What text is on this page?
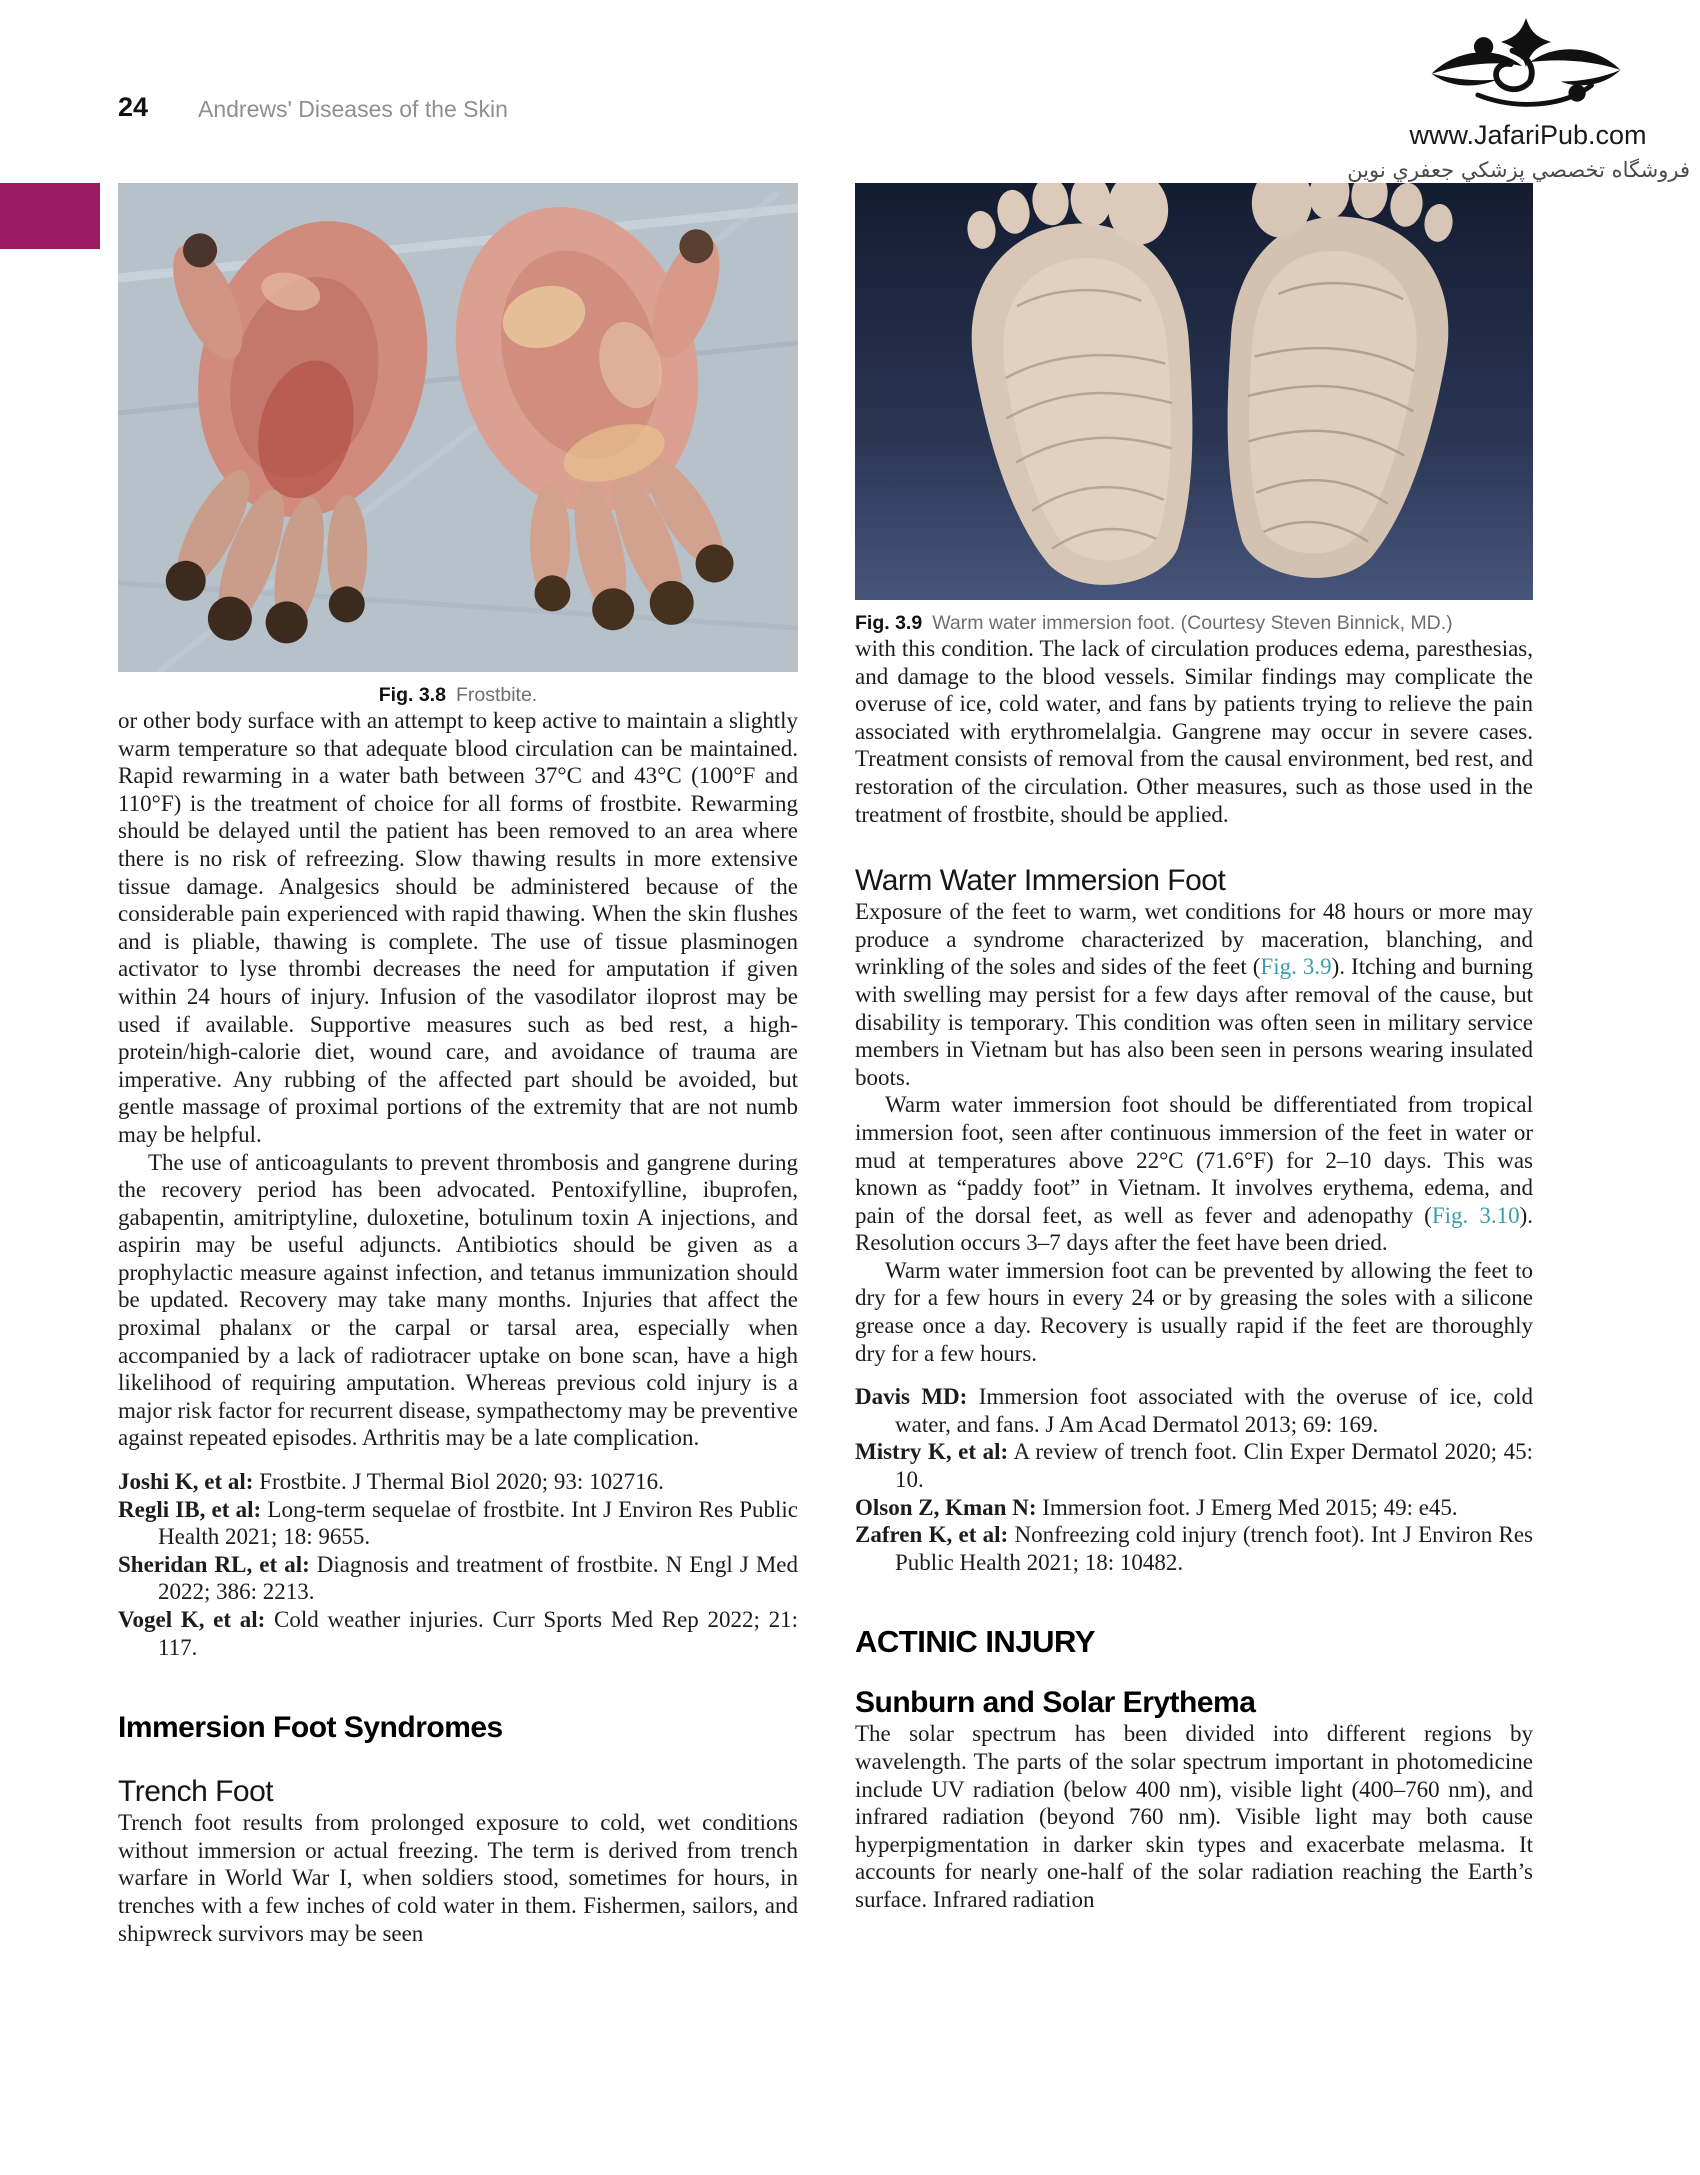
24 Andrews' Diseases of the Skin
www.JafariPub.com
فروشگاه تخصصي پزشكي جعفري نوين
Fig. 3.8 Frostbite.

or other body surface with an attempt to keep active to maintain a slightly warm temperature so that adequate blood circulation can be maintained. Rapid rewarming in a water bath between 37°C and 43°C (100°F and 110°F) is the treatment of choice for all forms of frostbite. Rewarming should be delayed until the patient has been removed to an area where there is no risk of refreezing. Slow thawing results in more extensive tissue damage. Analgesics should be administered because of the considerable pain experienced with rapid thawing. When the skin flushes and is pliable, thawing is complete. The use of tissue plasminogen activator to lyse thrombi decreases the need for amputation if given within 24 hours of injury. Infusion of the vasodilator iloprost may be used if available. Supportive measures such as bed rest, a high-protein/high-calorie diet, wound care, and avoidance of trauma are imperative. Any rubbing of the affected part should be avoided, but gentle massage of proximal portions of the extremity that are not numb may be helpful.

The use of anticoagulants to prevent thrombosis and gangrene during the recovery period has been advocated. Pentoxifylline, ibuprofen, gabapentin, amitriptyline, duloxetine, botulinum toxin A injections, and aspirin may be useful adjuncts. Antibiotics should be given as a prophylactic measure against infection, and tetanus immunization should be updated. Recovery may take many months. Injuries that affect the proximal phalanx or the carpal or tarsal area, especially when accompanied by a lack of radiotracer uptake on bone scan, have a high likelihood of requiring amputation. Whereas previous cold injury is a major risk factor for recurrent disease, sympathectomy may be preventive against repeated episodes. Arthritis may be a late complication.

Joshi K, et al: Frostbite. J Thermal Biol 2020; 93: 102716.

Regli IB, et al: Long-term sequelae of frostbite. Int J Environ Res Public Health 2021; 18: 9655.

Sheridan RL, et al: Diagnosis and treatment of frostbite. N Engl J Med 2022; 386: 2213.

Vogel K, et al: Cold weather injuries. Curr Sports Med Rep 2022; 21: 117.

Immersion Foot Syndromes
Trench Foot

Trench foot results from prolonged exposure to cold, wet conditions without immersion or actual freezing. The term is derived from trench warfare in World War I, when soldiers stood, sometimes for hours, in trenches with a few inches of cold water in them. Fishermen, sailors, and shipwreck survivors may be seen

Fig. 3.9 Warm water immersion foot. (Courtesy Steven Binnick, MD.)

with this condition. The lack of circulation produces edema, paresthesias, and damage to the blood vessels. Similar findings may complicate the overuse of ice, cold water, and fans by patients trying to relieve the pain associated with erythromelalgia. Gangrene may occur in severe cases. Treatment consists of removal from the causal environment, bed rest, and restoration of the circulation. Other measures, such as those used in the treatment of frostbite, should be applied.

Warm Water Immersion Foot

Exposure of the feet to warm, wet conditions for 48 hours or more may produce a syndrome characterized by maceration, blanching, and wrinkling of the soles and sides of the feet (Fig. 3.9). Itching and burning with swelling may persist for a few days after removal of the cause, but disability is temporary. This condition was often seen in military service members in Vietnam but has also been seen in persons wearing insulated boots.

Warm water immersion foot should be differentiated from tropical immersion foot, seen after continuous immersion of the feet in water or mud at temperatures above 22°C (71.6°F) for 2–10 days. This was known as “paddy foot” in Vietnam. It involves erythema, edema, and pain of the dorsal feet, as well as fever and adenopathy (Fig. 3.10). Resolution occurs 3–7 days after the feet have been dried.

Warm water immersion foot can be prevented by allowing the feet to dry for a few hours in every 24 or by greasing the soles with a silicone grease once a day. Recovery is usually rapid if the feet are thoroughly dry for a few hours.

Davis MD: Immersion foot associated with the overuse of ice, cold water, and fans. J Am Acad Dermatol 2013; 69: 169.

Mistry K, et al: A review of trench foot. Clin Exper Dermatol 2020; 45: 10.

Olson Z, Kman N: Immersion foot. J Emerg Med 2015; 49: e45.

Zafren K, et al: Nonfreezing cold injury (trench foot). Int J Environ Res Public Health 2021; 18: 10482.

ACTINIC INJURY
Sunburn and Solar Erythema

The solar spectrum has been divided into different regions by wavelength. The parts of the solar spectrum important in photomedicine include UV radiation (below 400 nm), visible light (400–760 nm), and infrared radiation (beyond 760 nm). Visible light may both cause hyperpigmentation in darker skin types and exacerbate melasma. It accounts for nearly one-half of the solar radiation reaching the Earth’s surface. Infrared radiation
